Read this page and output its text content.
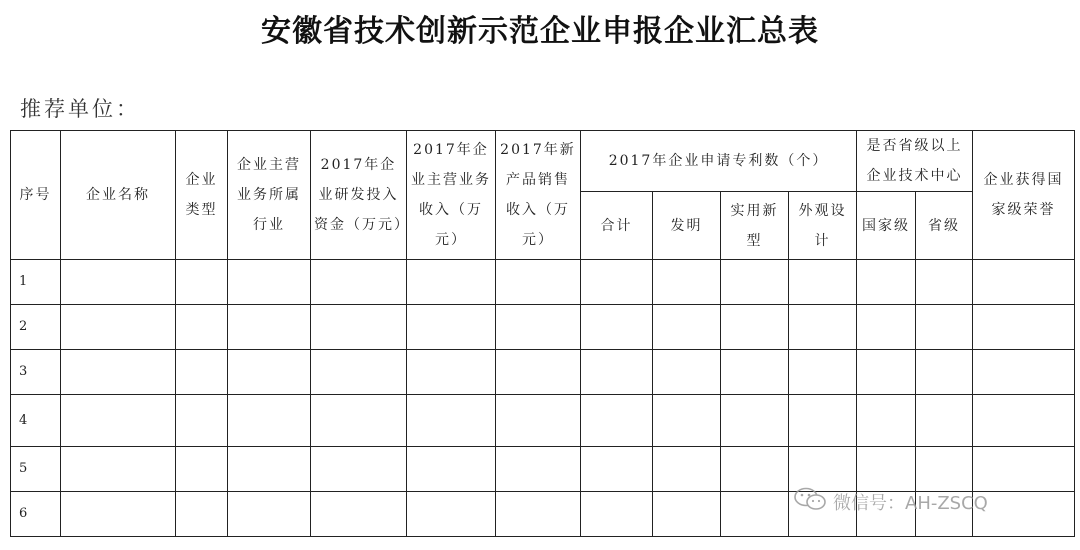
安徽省技术创新示范企业申报企业汇总表
推荐单位：
序号	企业名称	企业类型	企业主营业务所属行业	2017年企业研发投入资金（万元）	2017年企业主营业务收入（万元）	2017年新产品销售收入（万元）	2017年企业申请专利数（个）				是否省级以上企业技术中心		企业获得国家级荣誉
							合计	发明	实用新型	外观设计	国家级	省级	
1													
2													
3													
4													
5													
6														微信号：AH-ZSCQ
